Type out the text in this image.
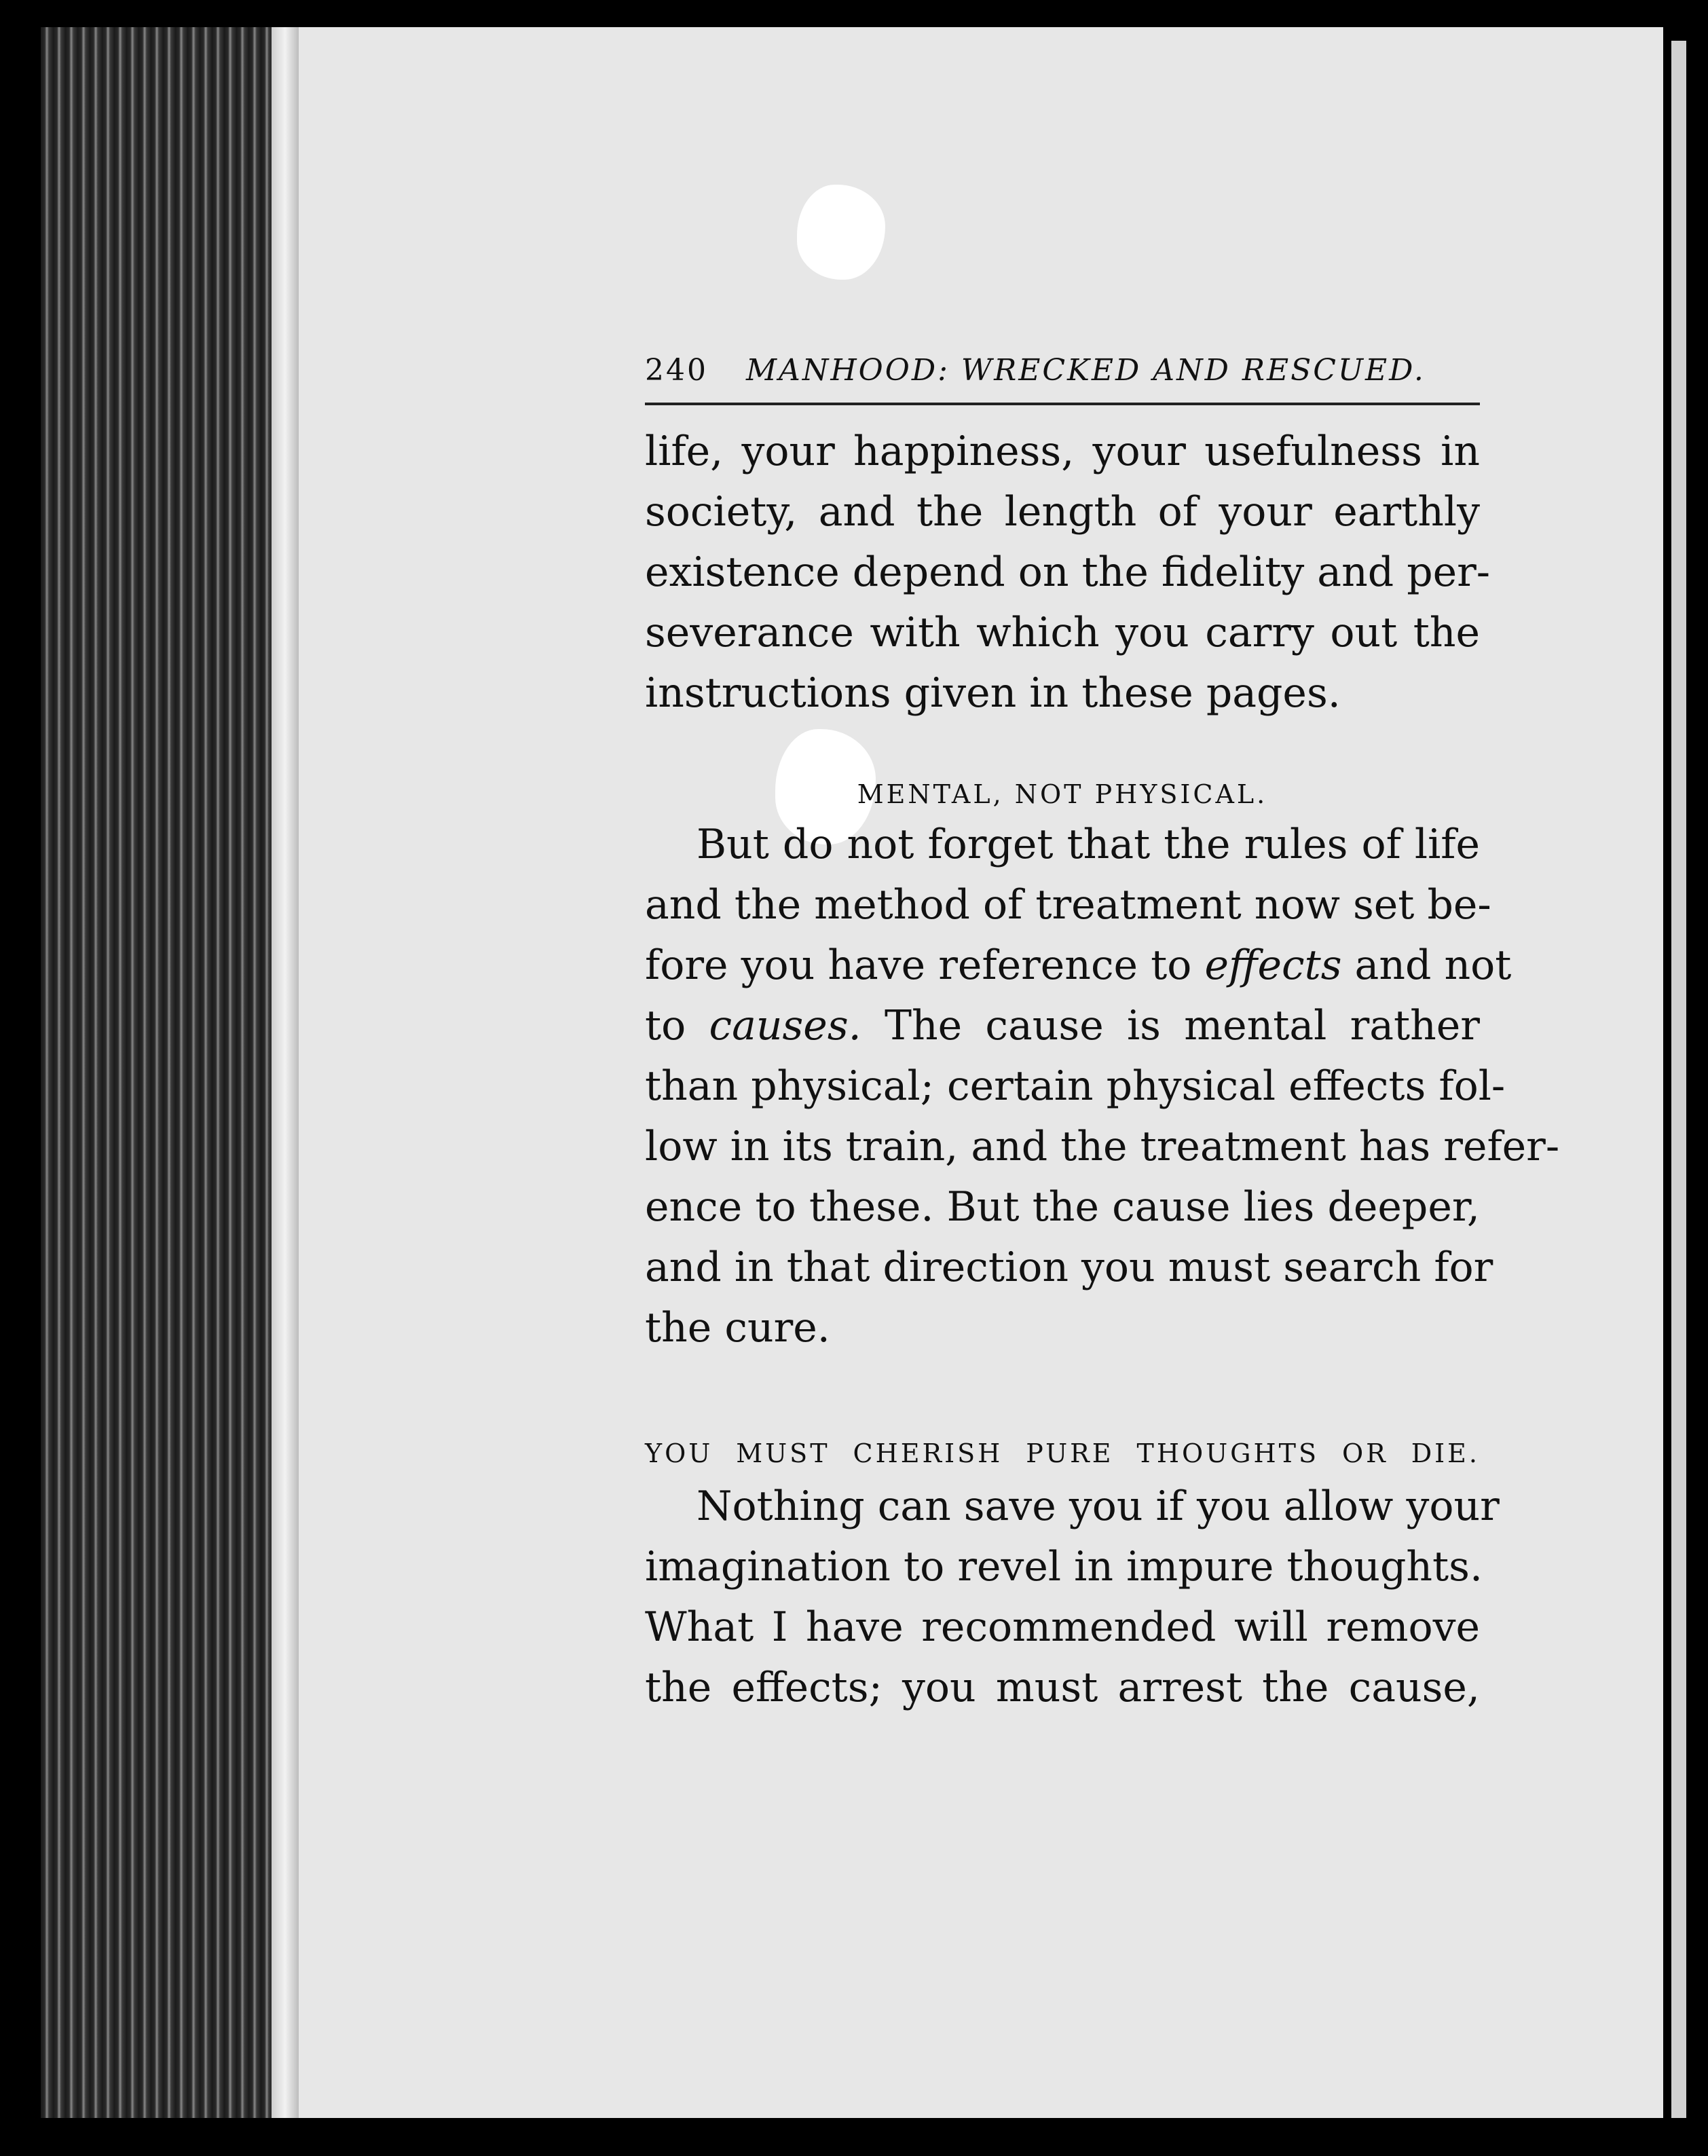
240 MANHOOD: WRECKED AND RESCUED.

life, your happiness, your usefulness in
society, and the length of your earthly
existence depend on the fidelity and per-
severance with which you carry out the
instructions given in these pages.

MENTAL, NOT PHYSICAL.

But do not forget that the rules of life
and the method of treatment now set be-
fore you have reference to effects and not
to causes. The cause is mental rather
than physical; certain physical effects fol-
low in its train, and the treatment has refer-
ence to these. But the cause lies deeper,
and in that direction you must search for
the cure.

YOU MUST CHERISH PURE THOUGHTS OR DIE.

Nothing can save you if you allow your
imagination to revel in impure thoughts.
What I have recommended will remove
the effects; you must arrest the cause,
